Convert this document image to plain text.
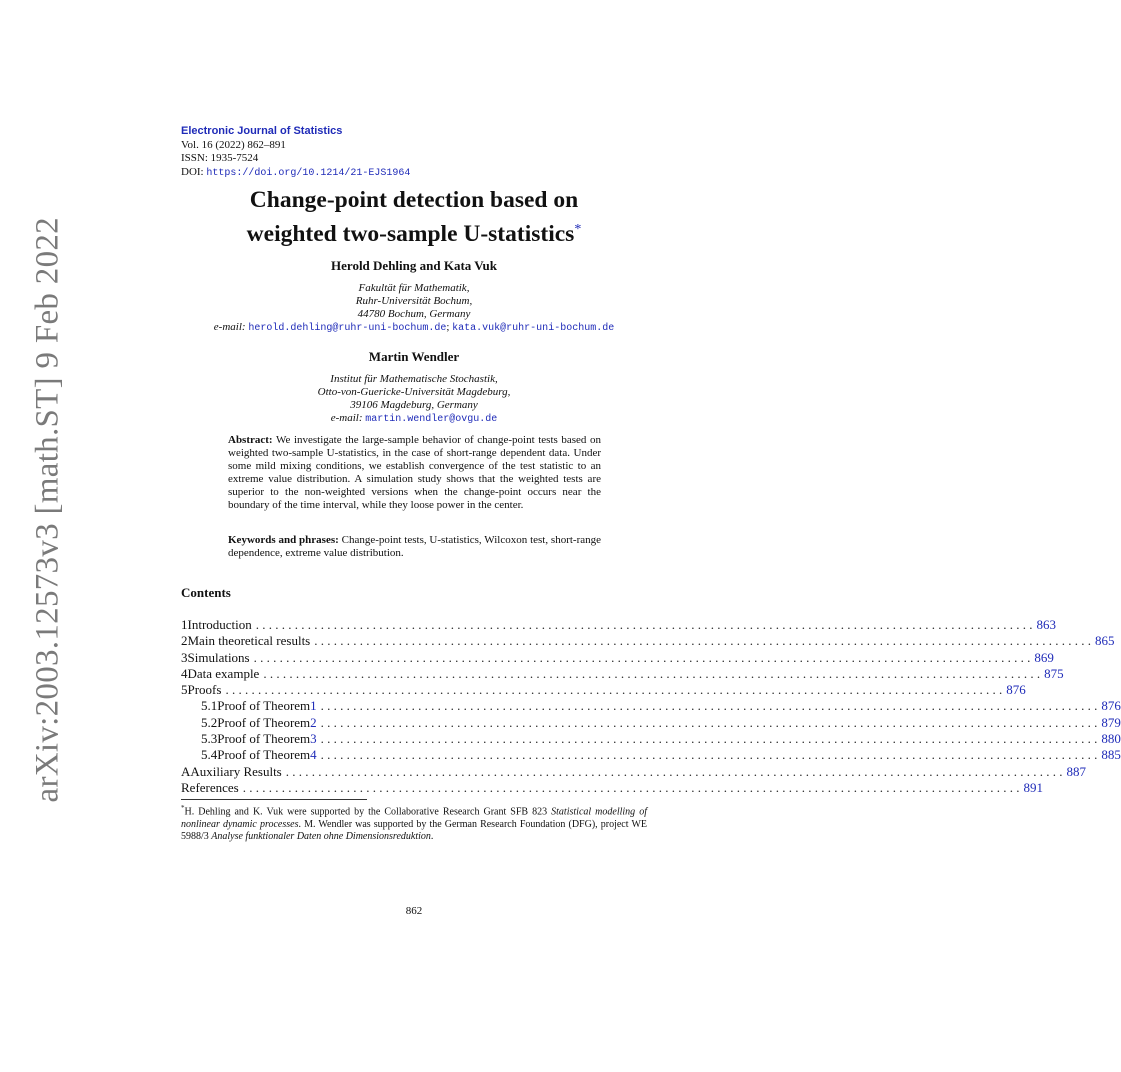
arXiv:2003.12573v3 [math.ST] 9 Feb 2022
Electronic Journal of Statistics
Vol. 16 (2022) 862–891
ISSN: 1935-7524
DOI: https://doi.org/10.1214/21-EJS1964
Change-point detection based on
weighted two-sample U-statistics*
Herold Dehling and Kata Vuk
Fakultät für Mathematik,
Ruhr-Universität Bochum,
44780 Bochum, Germany
e-mail: herold.dehling@ruhr-uni-bochum.de; kata.vuk@ruhr-uni-bochum.de
Martin Wendler
Institut für Mathematische Stochastik,
Otto-von-Guericke-Universität Magdeburg,
39106 Magdeburg, Germany
e-mail: martin.wendler@ovgu.de
Abstract: We investigate the large-sample behavior of change-point tests based on weighted two-sample U-statistics, in the case of short-range dependent data. Under some mild mixing conditions, we establish convergence of the test statistic to an extreme value distribution. A simulation study shows that the weighted tests are superior to the non-weighted versions when the change-point occurs near the boundary of the time interval, while they loose power in the center.
Keywords and phrases: Change-point tests, U-statistics, Wilcoxon test, short-range dependence, extreme value distribution.
Contents
1 Introduction . . . . . . . . . . . . . . . . . . . . . . . . . . . . . . . . . . . . . . . . . . . . . . . . . . . . . . . . . . . . . . . . . . . . . . . . . . . . . . . . . . . . . . . . . . . . . . . . . . . . . . . . . . . . . . . . . . . . . . . . 863
2 Main theoretical results . . . . . . . . . . . . . . . . . . . . . . . . . . . . . . . . . . . . . . . . . . . . . . . . . . . . . . . . . . . . . . . . . . . . . . . . . . . . . . . . . . . . . . . . . . . . . . . . . . . . . . . . . . . . . . . . . . . . . . . . 865
3 Simulations . . . . . . . . . . . . . . . . . . . . . . . . . . . . . . . . . . . . . . . . . . . . . . . . . . . . . . . . . . . . . . . . . . . . . . . . . . . . . . . . . . . . . . . . . . . . . . . . . . . . . . . . . . . . . . . . . . . . . . . . 869
4 Data example . . . . . . . . . . . . . . . . . . . . . . . . . . . . . . . . . . . . . . . . . . . . . . . . . . . . . . . . . . . . . . . . . . . . . . . . . . . . . . . . . . . . . . . . . . . . . . . . . . . . . . . . . . . . . . . . . . . . . . . . 875
5 Proofs . . . . . . . . . . . . . . . . . . . . . . . . . . . . . . . . . . . . . . . . . . . . . . . . . . . . . . . . . . . . . . . . . . . . . . . . . . . . . . . . . . . . . . . . . . . . . . . . . . . . . . . . . . . . . . . . . . . . . . . . 876
5.1 Proof of Theorem 1 . . . . . . . . . . . . . . . . . . . . . . . . . . . . . . . . . . . . . . . . . . . . . . . . . . . . . . . . . . . . . . . . . . . . . . . . . . . . . . . . . . . . . . . . . . . . . . . . . . . . . . . . . . . . . . . . . . . . . . . . 876
5.2 Proof of Theorem 2 . . . . . . . . . . . . . . . . . . . . . . . . . . . . . . . . . . . . . . . . . . . . . . . . . . . . . . . . . . . . . . . . . . . . . . . . . . . . . . . . . . . . . . . . . . . . . . . . . . . . . . . . . . . . . . . . . . . . . . . . 879
5.3 Proof of Theorem 3 . . . . . . . . . . . . . . . . . . . . . . . . . . . . . . . . . . . . . . . . . . . . . . . . . . . . . . . . . . . . . . . . . . . . . . . . . . . . . . . . . . . . . . . . . . . . . . . . . . . . . . . . . . . . . . . . . . . . . . . . 880
5.4 Proof of Theorem 4 . . . . . . . . . . . . . . . . . . . . . . . . . . . . . . . . . . . . . . . . . . . . . . . . . . . . . . . . . . . . . . . . . . . . . . . . . . . . . . . . . . . . . . . . . . . . . . . . . . . . . . . . . . . . . . . . . . . . . . . . 885
A Auxiliary Results . . . . . . . . . . . . . . . . . . . . . . . . . . . . . . . . . . . . . . . . . . . . . . . . . . . . . . . . . . . . . . . . . . . . . . . . . . . . . . . . . . . . . . . . . . . . . . . . . . . . . . . . . . . . . . . . . . . . . . . . 887
References . . . . . . . . . . . . . . . . . . . . . . . . . . . . . . . . . . . . . . . . . . . . . . . . . . . . . . . . . . . . . . . . . . . . . . . . . . . . . . . . . . . . . . . . . . . . . . . . . . . . . . . . . . . . . . . . . . . . . . . . 891
*H. Dehling and K. Vuk were supported by the Collaborative Research Grant SFB 823 Statistical modelling of nonlinear dynamic processes. M. Wendler was supported by the German Research Foundation (DFG), project WE 5988/3 Analyse funktionaler Daten ohne Dimensionsreduktion.
862
